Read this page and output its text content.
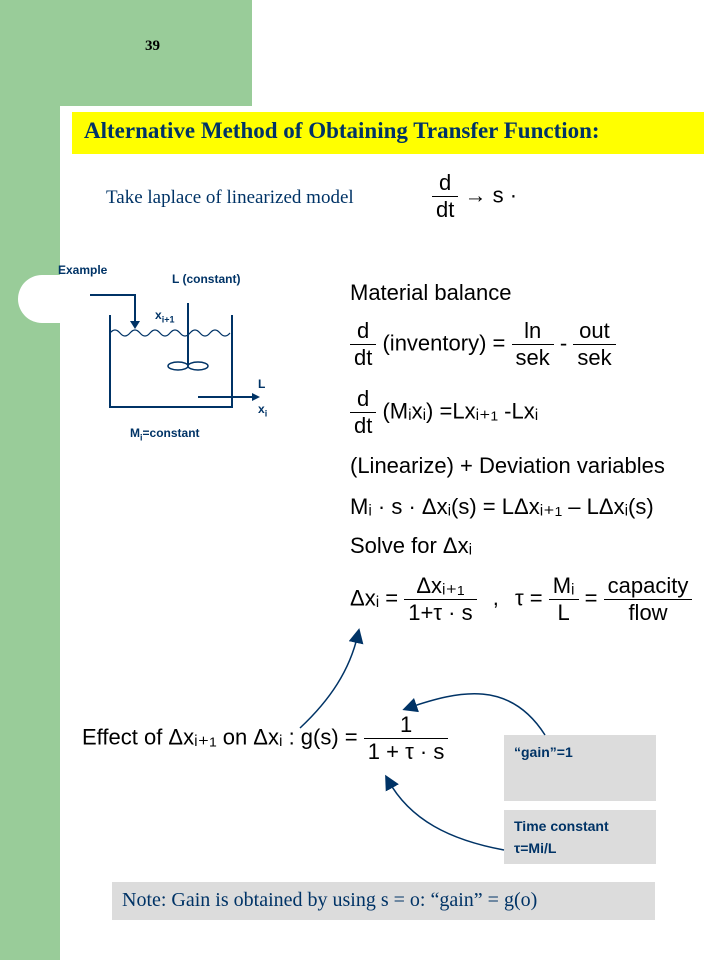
39
Alternative Method of Obtaining Transfer Function:
Take laplace of linearized model	$\frac{d}{dt} \to s$ ·
Example
L (constant)
$x_{i+1}$
L
$x_i$
$M_i=constant$
Material balance
$\frac{d}{dt}$ (inventory) = $\frac{\ln}{\text{sek}} - \frac{\text{out}}{\text{sek}}$
$\frac{d}{dt}$ (Mᵢxᵢ) =Lxᵢ₊₁ -Lxᵢ
(Linearize) + Deviation variables
Mᵢ · s · Δxᵢ(s) = LΔxᵢ₊₁ – LΔxᵢ(s)
Solve for Δxᵢ
Δxᵢ = $\frac{\text{Δxᵢ₊₁}}{1+\tau \cdot s}$ , $\tau = \frac{\text{Mᵢ}}{L} = \frac{\text{capacity}}{\text{flow}}$
Effect of Δxᵢ₊₁ on Δxᵢ : $g(s) = \frac{1}{1 + \tau \cdot s}$	“gain”=1
Time constant
τ=Mi/L
Note: Gain is obtained by using s = o: “gain” = g(o)
